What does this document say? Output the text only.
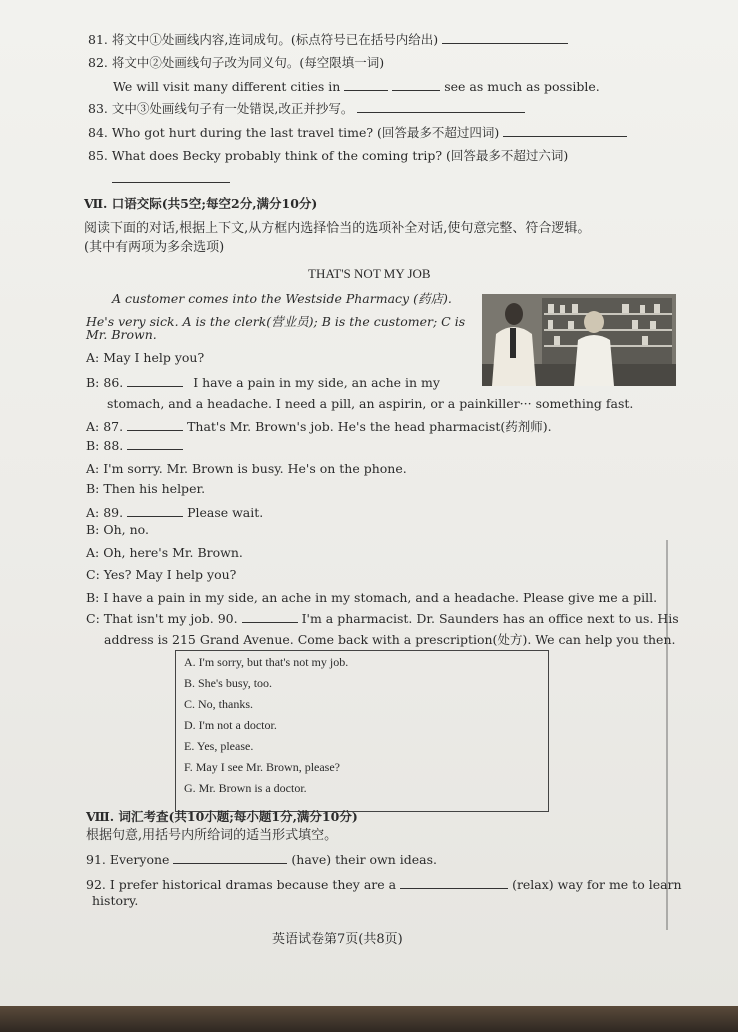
81. 将文中①处画线内容,连词成句。(标点符号已在括号内给出)
82. 将文中②处画线句子改为同义句。(每空限填一词)
We will visit many different cities in	see as much as possible.
83. 文中③处画线句子有一处错误,改正并抄写。
84. Who got hurt during the last travel time? (回答最多不超过四词)
85. What does Becky probably think of the coming trip? (回答最多不超过六词)
Ⅶ. 口语交际(共5空;每空2分,满分10分)
阅读下面的对话,根据上下文,从方框内选择恰当的选项补全对话,使句意完整、符合逻辑。
(其中有两项为多余选项)
THAT'S NOT MY JOB
A customer comes into the Westside Pharmacy (药店).
He's very sick. A is the clerk(营业员); B is the customer; C is
Mr. Brown.
A: May I help you?
B: 86.	I have a pain in my side, an ache in my
stomach, and a headache. I need a pill, an aspirin, or a painkiller··· something fast.
A: 87.	That's Mr. Brown's job. He's the head pharmacist(药剂师).
B: 88.
A: I'm sorry. Mr. Brown is busy. He's on the phone.
B: Then his helper.
A: 89.	Please wait.
B: Oh, no.
A: Oh, here's Mr. Brown.
C: Yes? May I help you?
B: I have a pain in my side, an ache in my stomach, and a headache. Please give me a pill.
C: That isn't my job. 90.	I'm a pharmacist. Dr. Saunders has an office next to us. His
address is 215 Grand Avenue. Come back with a prescription(处方). We can help you then.
A. I'm sorry, but that's not my job.
B. She's busy, too.
C. No, thanks.
D. I'm not a doctor.
E. Yes, please.
F. May I see Mr. Brown, please?
G. Mr. Brown is a doctor.
Ⅷ. 词汇考查(共10小题;每小题1分,满分10分)
根据句意,用括号内所给词的适当形式填空。
91. Everyone	(have) their own ideas.
92. I prefer historical dramas because they are a	(relax) way for me to learn
history.
英语试卷第7页(共8页)
